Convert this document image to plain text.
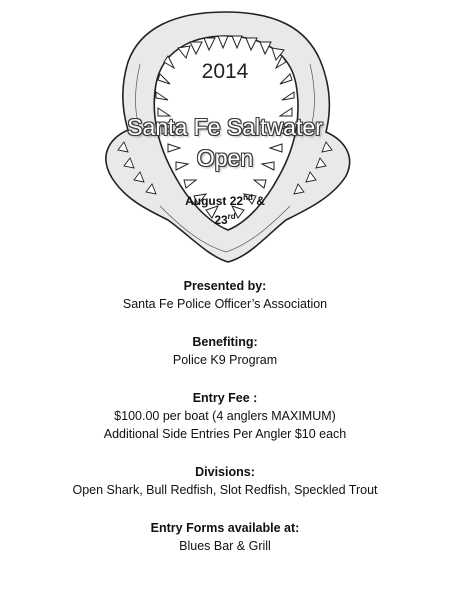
2014
Santa Fe Saltwater
Open
August 22nd &
23rd
Presented by:
Santa Fe Police Officer’s Association
Benefiting:
Police K9 Program
Entry Fee :
$100.00 per boat (4 anglers MAXIMUM)
Additional Side Entries Per Angler $10 each
Divisions:
Open Shark, Bull Redfish, Slot Redfish, Speckled Trout
Entry Forms available at:
Blues Bar & Grill
